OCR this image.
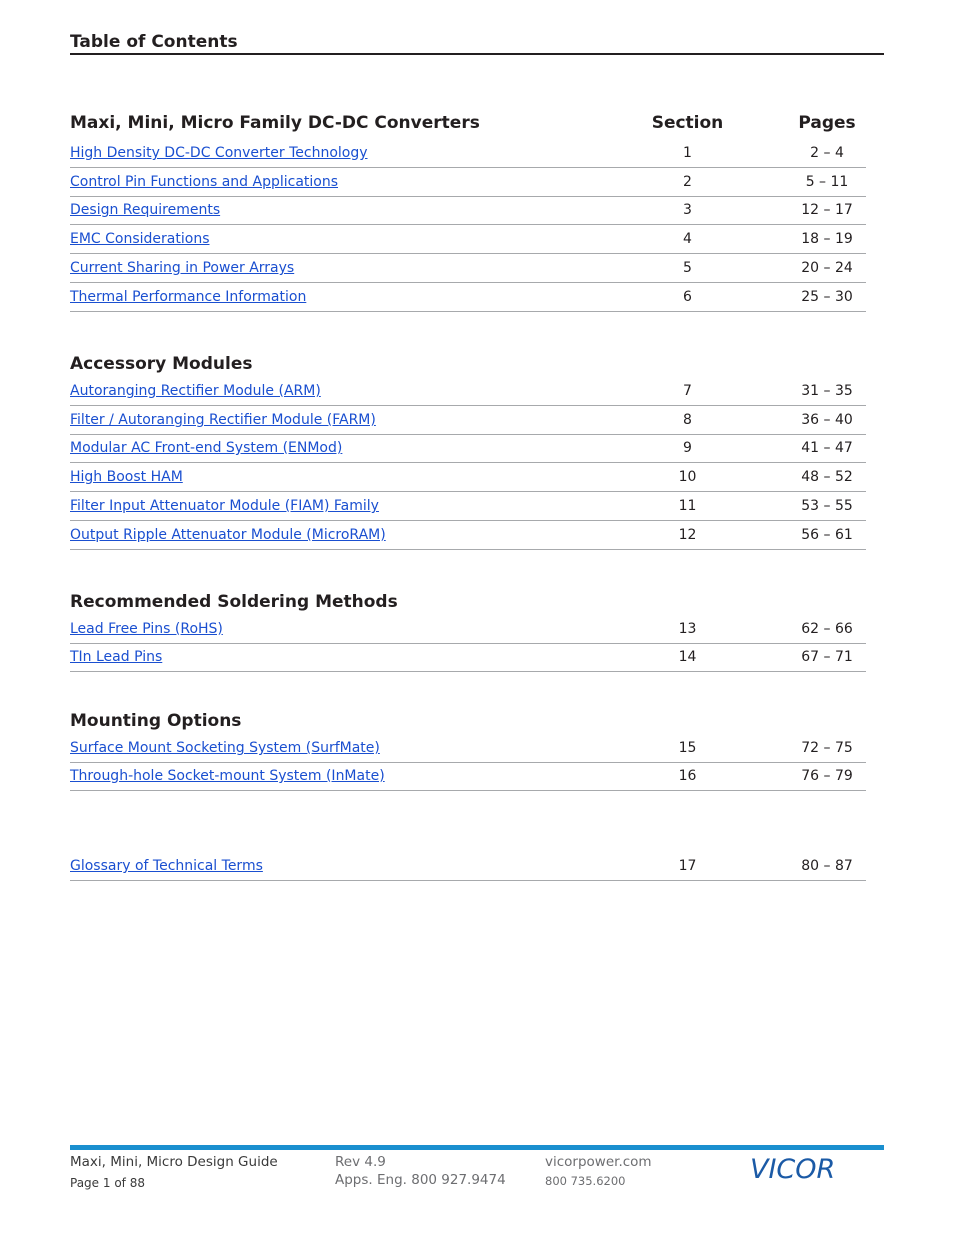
Table of Contents
Maxi, Mini, Micro Family DC-DC Converters	Section	Pages
High Density DC-DC Converter Technology	1	2 – 4
Control Pin Functions and Applications	2	5 – 11
Design Requirements	3	12 – 17
EMC Considerations	4	18 – 19
Current Sharing in Power Arrays	5	20 – 24
Thermal Performance Information	6	25 – 30
Accessory Modules
Autoranging Rectifier Module (ARM)	7	31 – 35
Filter / Autoranging Rectifier Module (FARM)	8	36 – 40
Modular AC Front-end System (ENMod)	9	41 – 47
High Boost HAM	10	48 – 52
Filter Input Attenuator Module (FIAM) Family	11	53 – 55
Output Ripple Attenuator Module (MicroRAM)	12	56 – 61
Recommended Soldering Methods
Lead Free Pins (RoHS)	13	62 – 66
TIn Lead Pins	14	67 – 71
Mounting Options
Surface Mount Socketing System (SurfMate)	15	72 – 75
Through-hole Socket-mount System (InMate)	16	76 – 79
Glossary of Technical Terms	17	80 – 87
Maxi, Mini, Micro Design Guide
Page 1 of 88
Rev 4.9
Apps. Eng. 800 927.9474
vicorpower.com
800 735.6200	VICOR
